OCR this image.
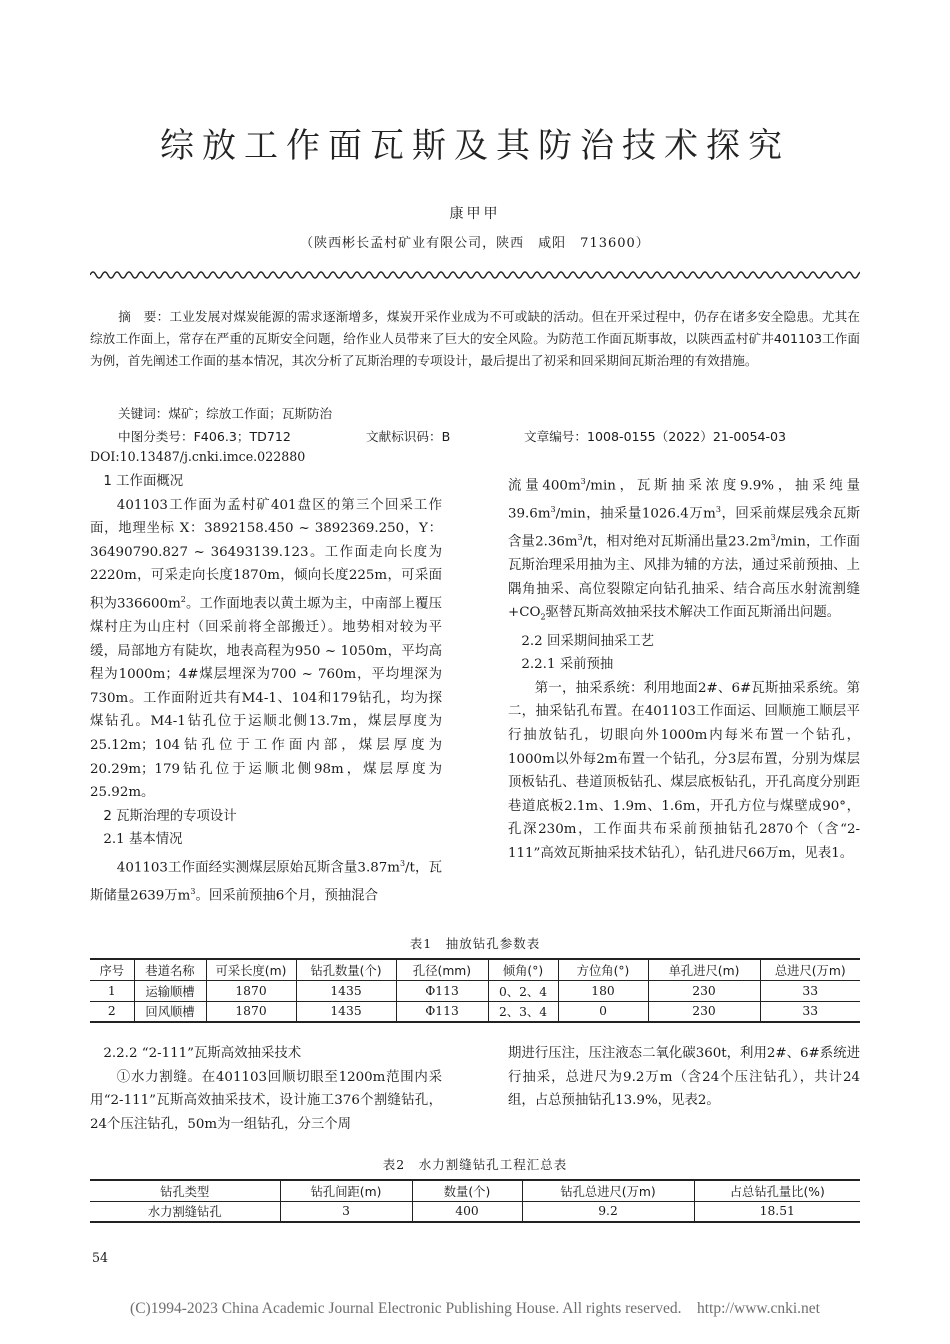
综放工作面瓦斯及其防治技术探究
康甲甲
（陕西彬长孟村矿业有限公司，陕西　咸阳　713600）
摘　要：工业发展对煤炭能源的需求逐渐增多，煤炭开采作业成为不可或缺的活动。但在开采过程中，仍存在诸多安全隐患。尤其在综放工作面上，常存在严重的瓦斯安全问题，给作业人员带来了巨大的安全风险。为防范工作面瓦斯事故，以陕西孟村矿井401103工作面为例，首先阐述工作面的基本情况，其次分析了瓦斯治理的专项设计，最后提出了初采和回采期间瓦斯治理的有效措施。
关键词：煤矿；综放工作面；瓦斯防治
中图分类号：F406.3；TD712	文献标识码：B	文章编号：1008-0155（2022）21-0054-03
DOI:10.13487/j.cnki.imce.022880

1 工作面概况

401103工作面为孟村矿401盘区的第三个回采工作面，地理坐标 X：3892158.450 ~ 3892369.250，Y：36490790.827 ~ 36493139.123。工作面走向长度为2220m，可采走向长度1870m，倾向长度225m，可采面积为$336600m^2$。工作面地表以黄土塬为主，中南部上覆压煤村庄为山庄村（回采前将全部搬迁）。地势相对较为平缓，局部地方有陡坎，地表高程为950 ~ 1050m，平均高程为1000m；4#煤层埋深为700 ~ 760m，平均埋深为730m。工作面附近共有M4-1、104和179钻孔，均为探煤钻孔。M4-1钻孔位于运顺北侧13.7m，煤层厚度为25.12m；104钻孔位于工作面内部，煤层厚度为20.29m；179钻孔位于运顺北侧98m，煤层厚度为25.92m。

2 瓦斯治理的专项设计

2.1 基本情况

401103工作面经实测煤层原始瓦斯含量$3.87m^3/t$，瓦斯储量2639万$m^3$。回采前预抽6个月，预抽混合

流量$400m^3/\min$，瓦斯抽采浓度9.9%，抽采纯量$39.6m^3/\min$，抽采量1026.4万$m^3$，回采前煤层残余瓦斯含量$2.36m^3/t$，相对绝对瓦斯涌出量$23.2m^3/\min$，工作面瓦斯治理采用抽为主、风排为辅的方法，通过采前预抽、上隅角抽采、高位裂隙定向钻孔抽采、结合高压水射流割缝$+CO_2$驱替瓦斯高效抽采技术解决工作面瓦斯涌出问题。

2.2 回采期间抽采工艺

2.2.1 采前预抽

第一，抽采系统：利用地面2#、6#瓦斯抽采系统。第二，抽采钻孔布置。在401103工作面运、回顺施工顺层平行抽放钻孔，切眼向外1000m内每米布置一个钻孔，1000m以外每2m布置一个钻孔，分3层布置，分别为煤层顶板钻孔、巷道顶板钻孔、煤层底板钻孔，开孔高度分别距巷道底板2.1m、1.9m、1.6m，开孔方位与煤壁成90°，孔深230m，工作面共布采前预抽钻孔2870个（含“2-111”高效瓦斯抽采技术钻孔），钻孔进尺66万m，见表1。

表1　抽放钻孔参数表
序号	巷道名称	可采长度(m)	钻孔数量(个)	孔径(mm)	倾角(°)	方位角(°)	单孔进尺(m)	总进尺(万m)
1	运输顺槽	1870	1435	Φ113	0、2、4	180	230	33
2	回风顺槽	1870	1435	Φ113	2、3、4	0	230	33

2.2.2 “2-111”瓦斯高效抽采技术

①水力割缝。在401103回顺切眼至1200m范围内采用“2-111”瓦斯高效抽采技术，设计施工376个割缝钻孔，24个压注钻孔，50m为一组钻孔，分三个周

期进行压注，压注液态二氧化碳360t，利用2#、6#系统进行抽采，总进尺为9.2万m（含24个压注钻孔），共计24组，占总预抽钻孔13.9%，见表2。

表2　水力割缝钻孔工程汇总表
钻孔类型	钻孔间距(m)	数量(个)	钻孔总进尺(万m)	占总钻孔量比(%)
水力割缝钻孔	3	400	9.2	18.51
54
(C)1994-2023 China Academic Journal Electronic Publishing House. All rights reserved.　http://www.cnki.net
